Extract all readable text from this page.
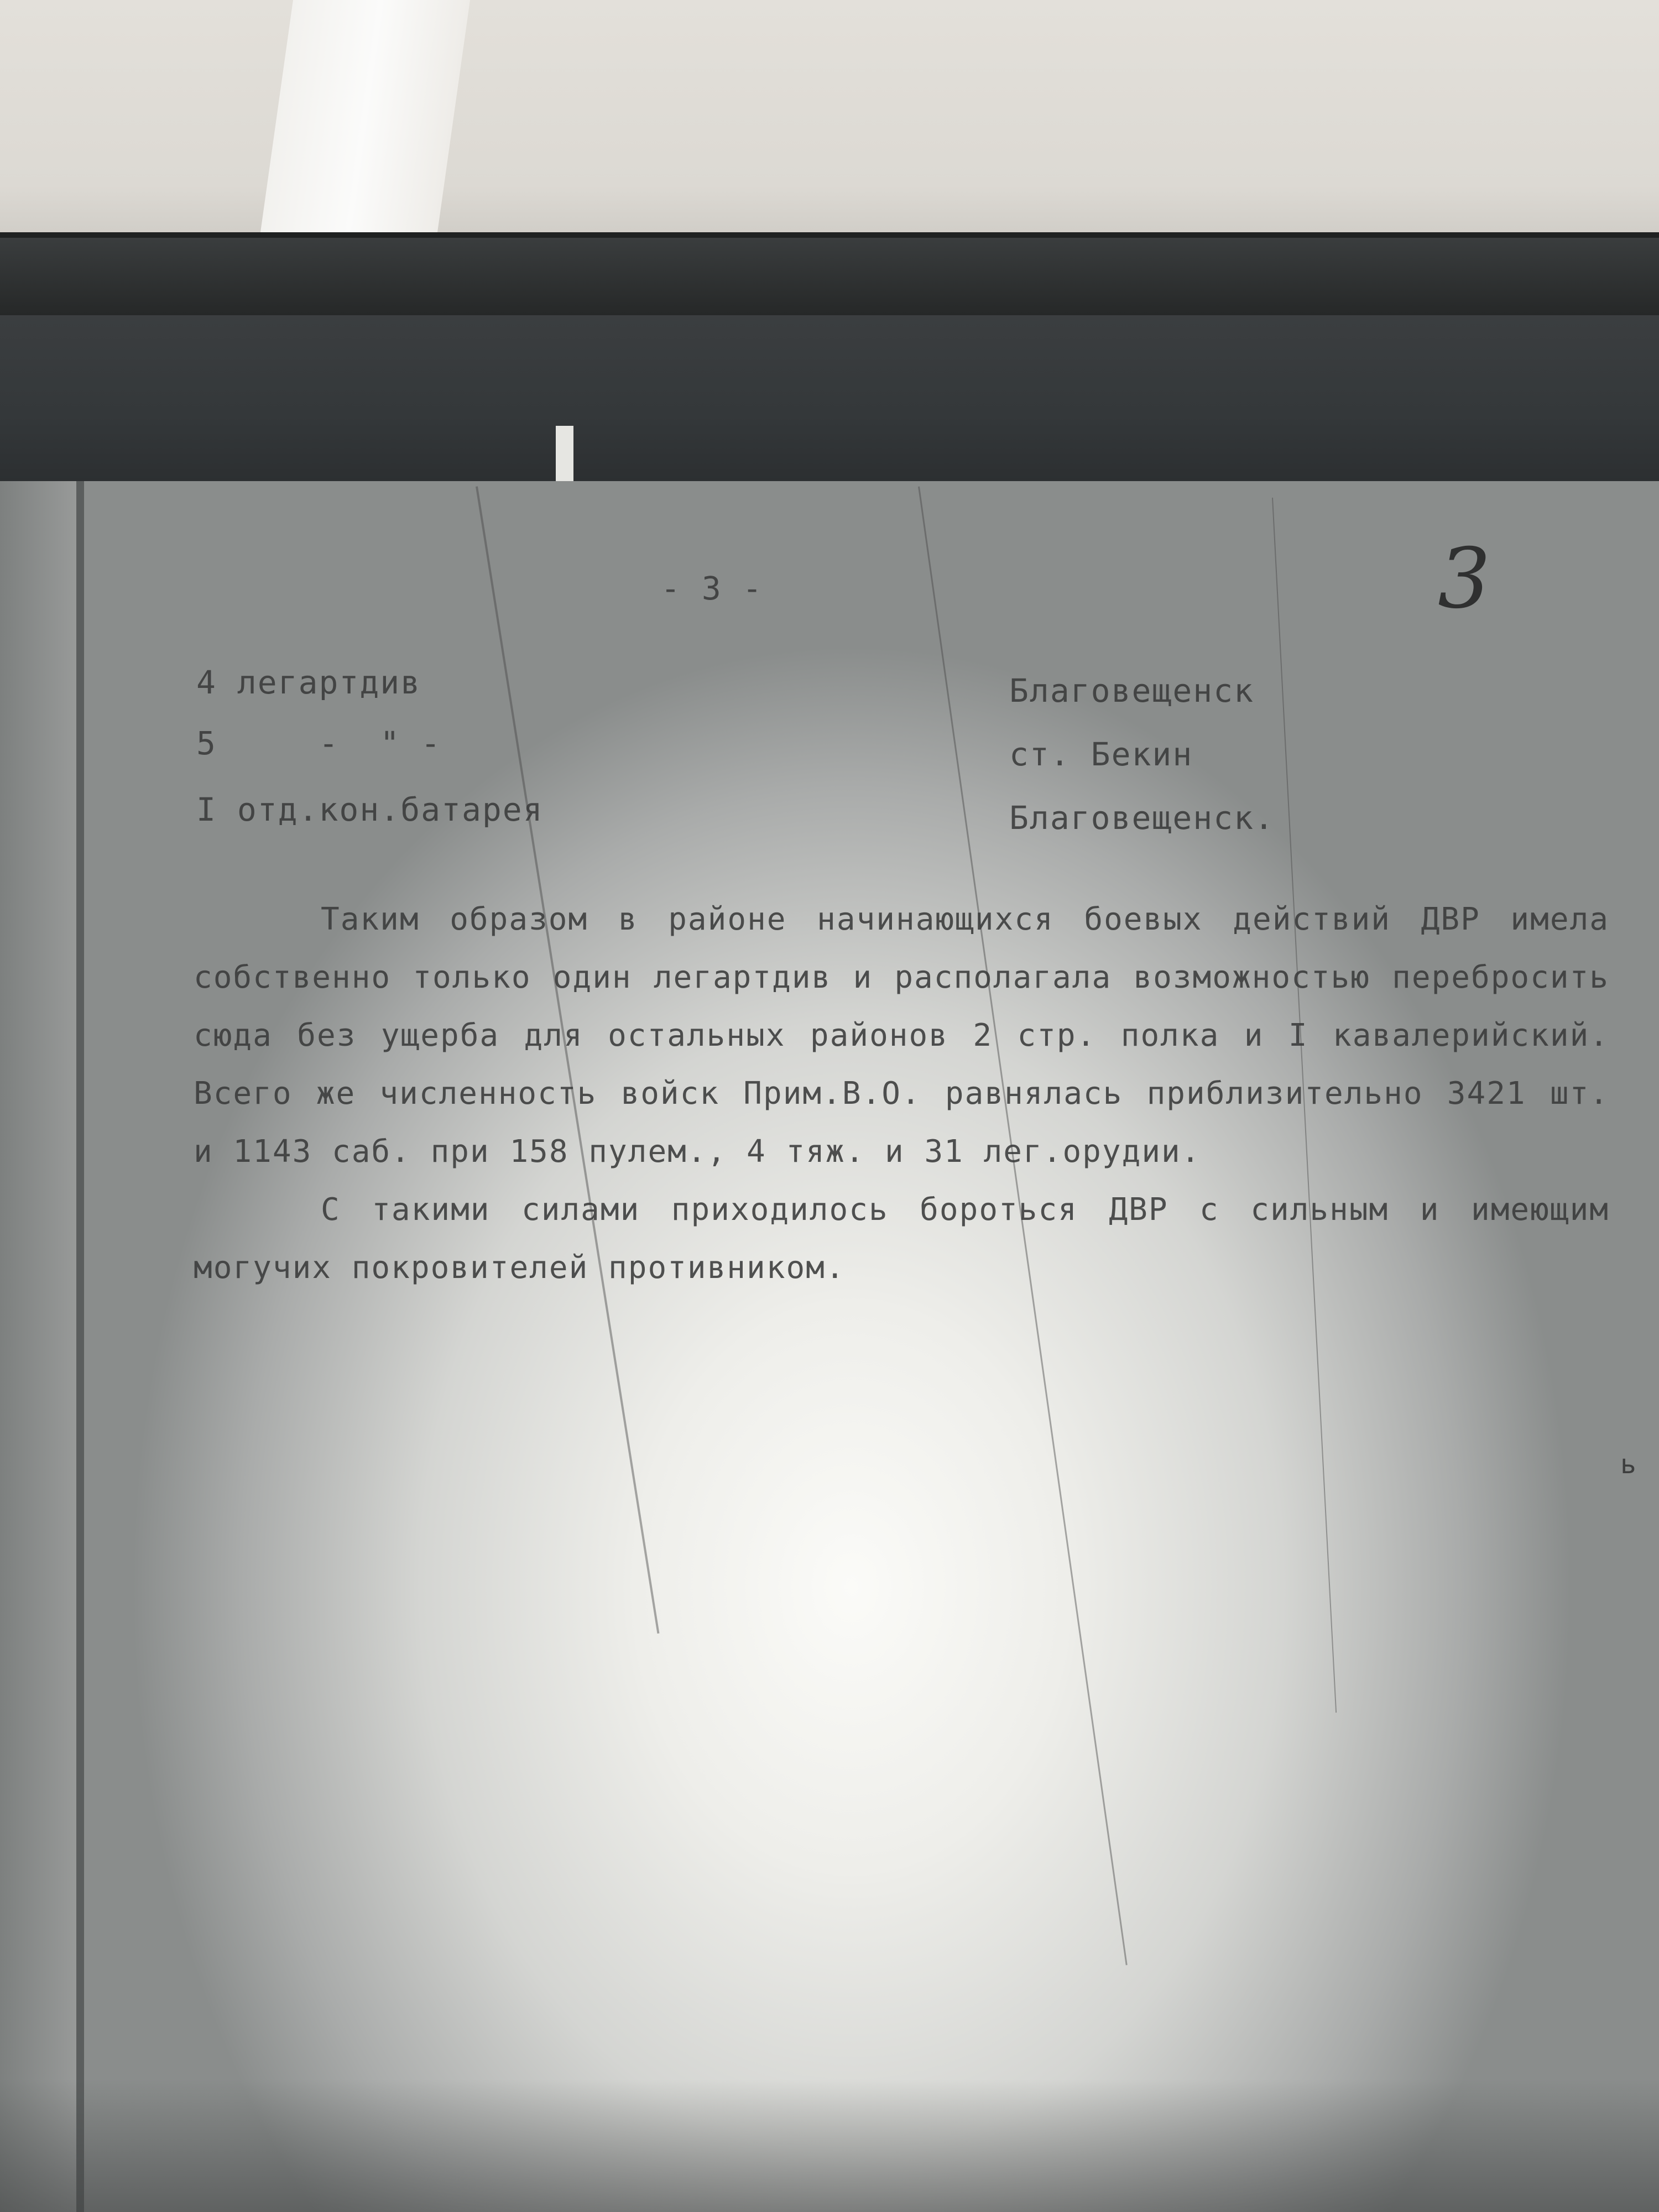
- 3 -	3
4 легартдив	Благовещенск
5     -  " -	ст. Бекин
I отд.кон.батарея	Благовещенск.

Таким образом в районе начинающихся боевых действий ДВР имела собственно только один легартдив и располагала возможностью перебросить сюда без ущерба для остальных районов 2 стр. полка и I кавалерийский. Всего же численность войск Прим.В.О. равнялась приблизительно 3421 шт. и 1143 саб. при 158 пулем., 4 тяж. и 31 лег.орудии.

С такими силами приходилось бороться ДВР с сильным и имеющим могучих покровителей противником.

ь
